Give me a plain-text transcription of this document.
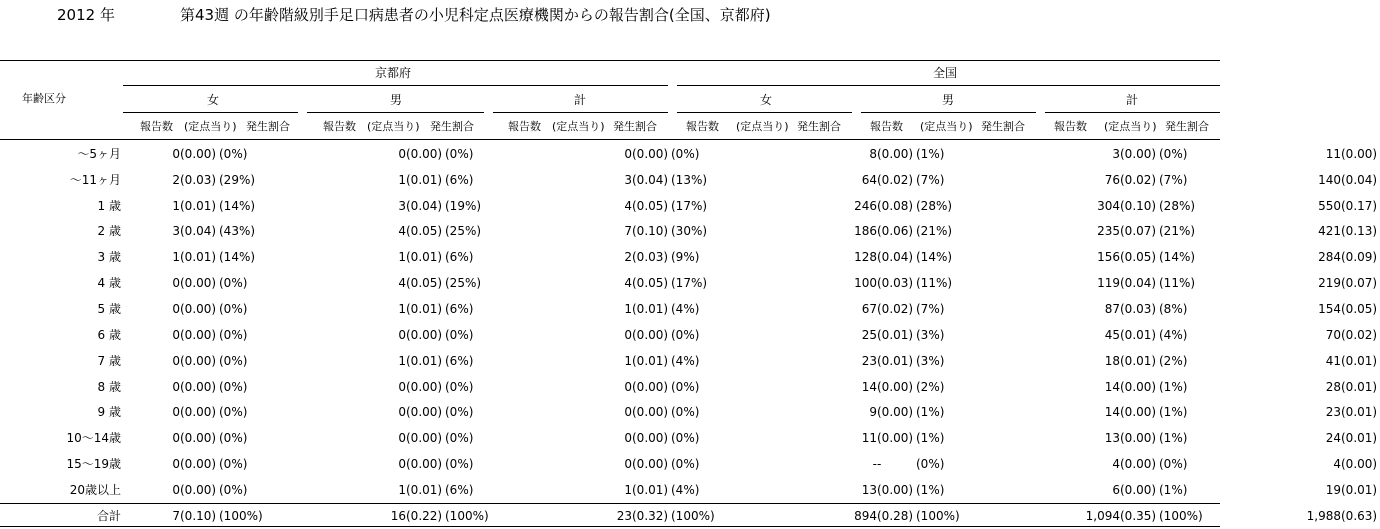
2012 年	第43週 の年齢階級別手足口病患者の小児科定点医療機関からの報告割合(全国、京都府)
年齢区分
京都府	全国
女	男	計	女	男	計
報告数 (定点当り) 発生割合	報告数 (定点当り) 発生割合	報告数 (定点当り) 発生割合	報告数 (定点当り) 発生割合	報告数 (定点当り) 発生割合	報告数 (定点当り) 発生割合
〜5ヶ月	0	(0.00)	(0%)	0	(0.00)	(0%)	0	(0.00)	(0%)	8	(0.00)	(1%)	3	(0.00)	(0%)	11	(0.00)	
〜11ヶ月	2	(0.03)	(29%)	1	(0.01)	(6%)	3	(0.04)	(13%)	64	(0.02)	(7%)	76	(0.02)	(7%)	140	(0.04)	
1 歳	1	(0.01)	(14%)	3	(0.04)	(19%)	4	(0.05)	(17%)	246	(0.08)	(28%)	304	(0.10)	(28%)	550	(0.17)	
2 歳	3	(0.04)	(43%)	4	(0.05)	(25%)	7	(0.10)	(30%)	186	(0.06)	(21%)	235	(0.07)	(21%)	421	(0.13)	
3 歳	1	(0.01)	(14%)	1	(0.01)	(6%)	2	(0.03)	(9%)	128	(0.04)	(14%)	156	(0.05)	(14%)	284	(0.09)	
4 歳	0	(0.00)	(0%)	4	(0.05)	(25%)	4	(0.05)	(17%)	100	(0.03)	(11%)	119	(0.04)	(11%)	219	(0.07)	
5 歳	0	(0.00)	(0%)	1	(0.01)	(6%)	1	(0.01)	(4%)	67	(0.02)	(7%)	87	(0.03)	(8%)	154	(0.05)	
6 歳	0	(0.00)	(0%)	0	(0.00)	(0%)	0	(0.00)	(0%)	25	(0.01)	(3%)	45	(0.01)	(4%)	70	(0.02)	
7 歳	0	(0.00)	(0%)	1	(0.01)	(6%)	1	(0.01)	(4%)	23	(0.01)	(3%)	18	(0.01)	(2%)	41	(0.01)	
8 歳	0	(0.00)	(0%)	0	(0.00)	(0%)	0	(0.00)	(0%)	14	(0.00)	(2%)	14	(0.00)	(1%)	28	(0.01)	
9 歳	0	(0.00)	(0%)	0	(0.00)	(0%)	0	(0.00)	(0%)	9	(0.00)	(1%)	14	(0.00)	(1%)	23	(0.01)	
10〜14歳	0	(0.00)	(0%)	0	(0.00)	(0%)	0	(0.00)	(0%)	11	(0.00)	(1%)	13	(0.00)	(1%)	24	(0.01)	
15〜19歳	0	(0.00)	(0%)	0	(0.00)	(0%)	0	(0.00)	(0%)	-	-	(0%)	4	(0.00)	(0%)	4	(0.00)	
20歳以上	0	(0.00)	(0%)	1	(0.01)	(6%)	1	(0.01)	(4%)	13	(0.00)	(1%)	6	(0.00)	(1%)	19	(0.01)	
合計	7	(0.10)	(100%)	16	(0.22)	(100%)	23	(0.32)	(100%)	894	(0.28)	(100%)	1,094	(0.35)	(100%)	1,988	(0.63)	
